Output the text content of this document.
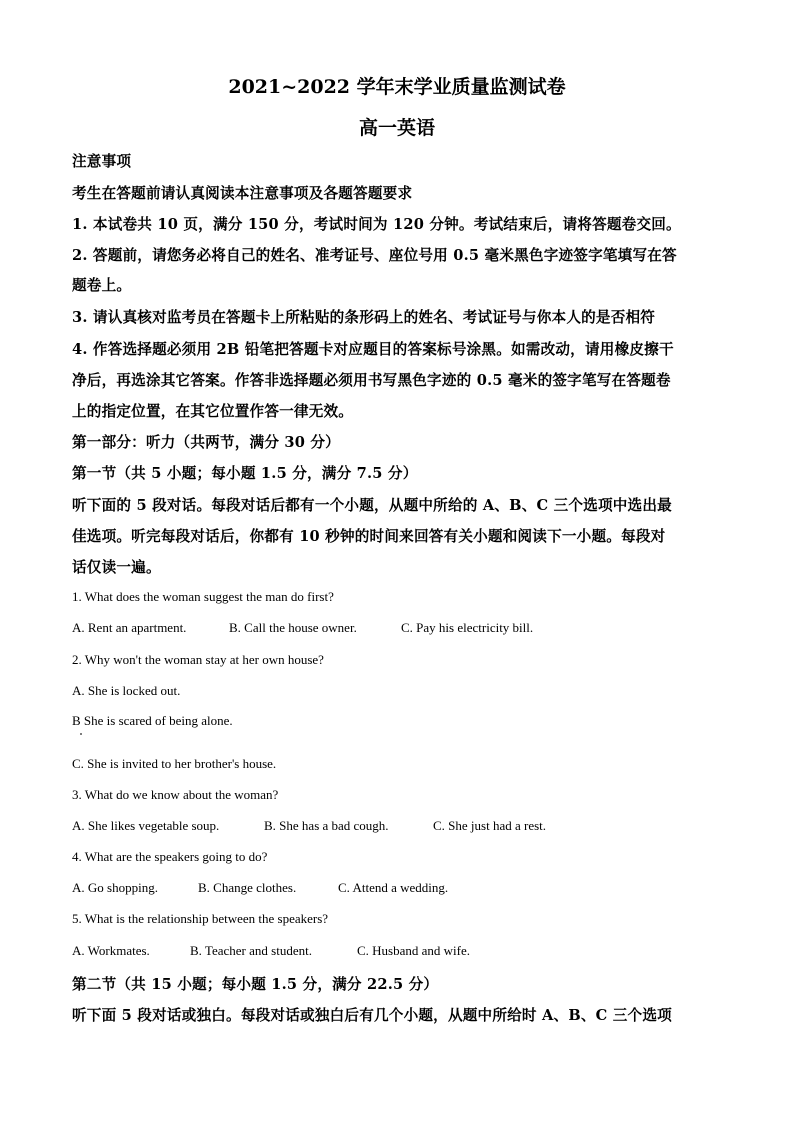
2021~2022 学年末学业质量监测试卷
高一英语
注意事项
考生在答题前请认真阅读本注意事项及各题答题要求
1. 本试卷共 10 页，满分 150 分，考试时间为 120 分钟。考试结束后，请将答题卷交回。
2. 答题前，请您务必将自己的姓名、准考证号、座位号用 0.5 毫米黑色字迹签字笔填写在答
题卷上。
3. 请认真核对监考员在答题卡上所粘贴的条形码上的姓名、考试证号与你本人的是否相符
4. 作答选择题必须用 2B 铅笔把答题卡对应题目的答案标号涂黑。如需改动，请用橡皮擦干
净后，再选涂其它答案。作答非选择题必须用书写黑色字迹的 0.5 毫米的签字笔写在答题卷
上的指定位置，在其它位置作答一律无效。
第一部分：听力（共两节，满分 30 分）
第一节（共 5 小题；每小题 1.5 分，满分 7.5 分）
听下面的 5 段对话。每段对话后都有一个小题，从题中所给的 A、B、C 三个选项中选出最
佳选项。听完每段对话后，你都有 10 秒钟的时间来回答有关小题和阅读下一小题。每段对
话仅读一遍。
1. What does the woman suggest the man do first?
A. Rent an apartment.	B. Call the house owner.	C. Pay his electricity bill.
2. Why won't the woman stay at her own house?
A. She is locked out.
B She is scared of being alone.
C. She is invited to her brother's house.
3. What do we know about the woman?
A. She likes vegetable soup.	B. She has a bad cough.	C. She just had a rest.
4. What are the speakers going to do?
A. Go shopping.	B. Change clothes.	C. Attend a wedding.
5. What is the relationship between the speakers?
A. Workmates.	B. Teacher and student.	C. Husband and wife.
第二节（共 15 小题；每小题 1.5 分，满分 22.5 分）
听下面 5 段对话或独白。每段对话或独白后有几个小题，从题中所给时 A、B、C 三个选项
